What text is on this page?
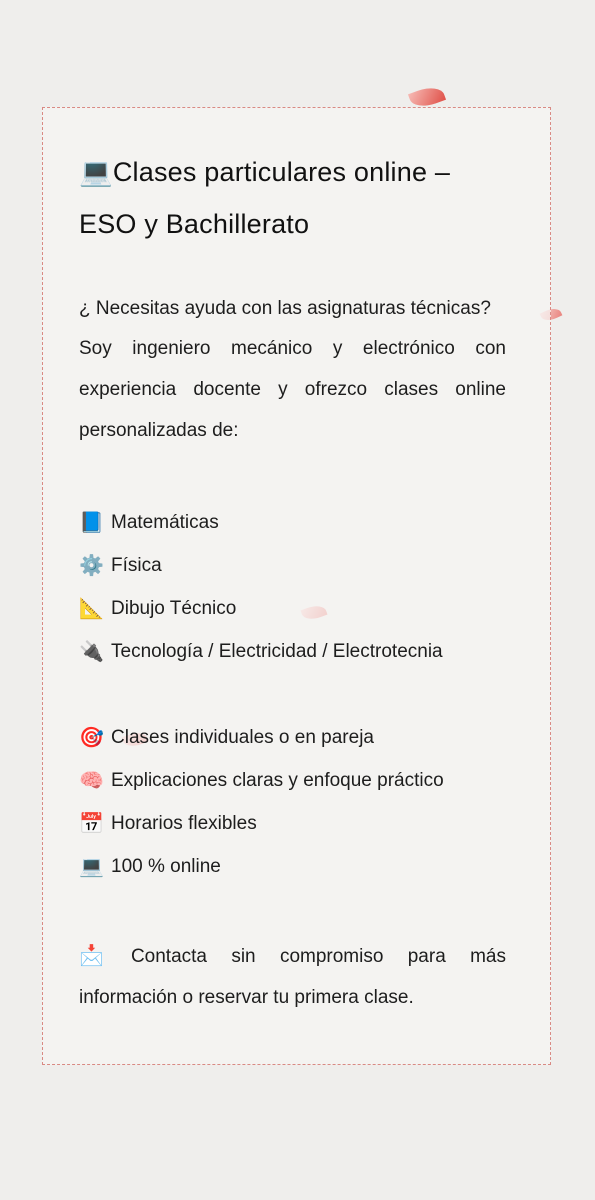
💻Clases particulares online –
ESO y Bachillerato

¿ Necesitas ayuda con las asignaturas técnicas?

Soy ingeniero mecánico y electrónico con experiencia docente y ofrezco clases online personalizadas de:

📘 Matemáticas
⚙️ Física
📐 Dibujo Técnico
🔌 Tecnología / Electricidad / Electrotecnia
🎯 Clases individuales o en pareja
🧠 Explicaciones claras y enfoque práctico
📅 Horarios flexibles
💻 100 % online

📩 Contacta sin compromiso para más información o reservar tu primera clase.
